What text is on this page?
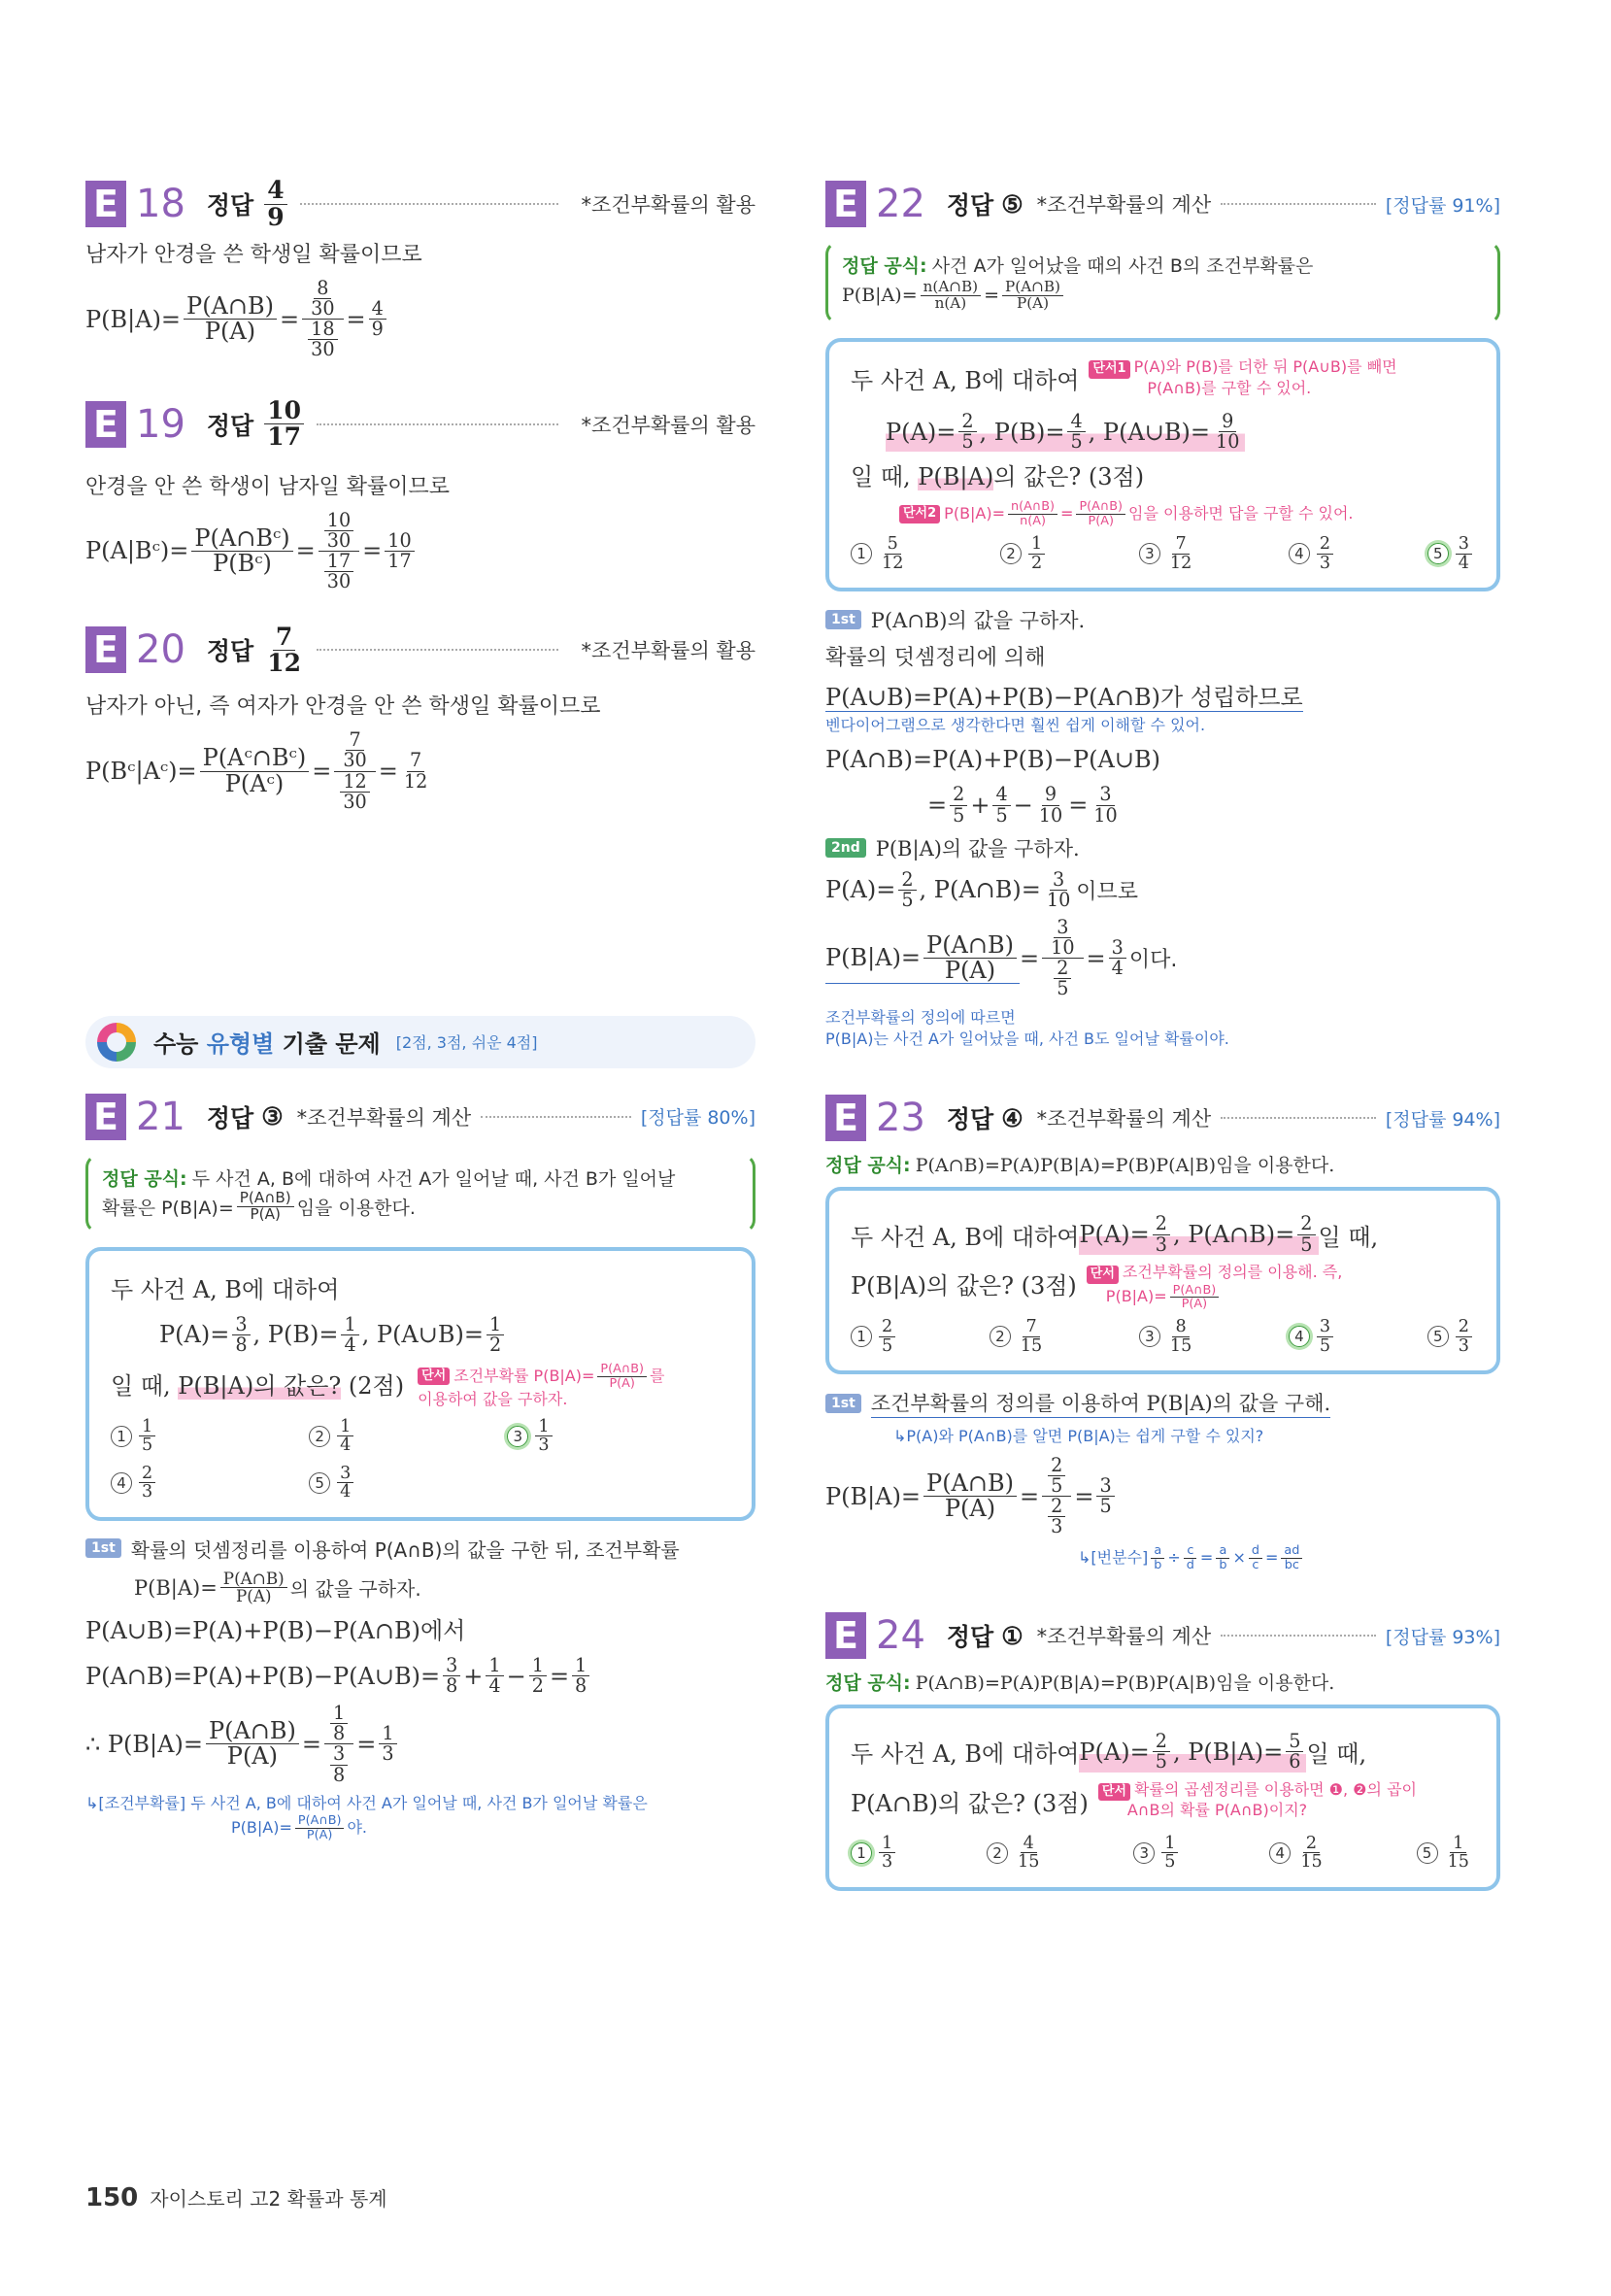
E 18 정답 $\frac{4}{9}$	*조건부확률의 활용
남자가 안경을 쓴 학생일 확률이므로
$P(B|A)= \frac{P(A\cap B)}{P(A)} = \frac{\frac{8}{30}}{\frac{18}{30}} = \frac{4}{9}$
E 19 정답 $\frac{10}{17}$	*조건부확률의 활용
안경을 안 쓴 학생이 남자일 확률이므로
P(A|Bᶜ)= $\frac{\text{P(A∩Bᶜ)}}{\text{P(Bᶜ)}} = \frac{\frac{10}{30}}{\frac{17}{30}} = \frac{10}{17}$
E 20 정답 $\frac{7}{12}$	*조건부확률의 활용
남자가 아닌, 즉 여자가 안경을 안 쓴 학생일 확률이므로
P(Bᶜ|Aᶜ)= $\frac{\text{P(Aᶜ∩Bᶜ)}}{\text{P(Aᶜ)}} = \frac{\frac{7}{30}}{\frac{12}{30}} = \frac{7}{12}$
수능 유형별 기출 문제 [2점, 3점, 쉬운 4점]
E 21 정답 ③ *조건부확률의 계산	[정답률 80%]
정답 공식: 두 사건 A, B에 대하여 사건 A가 일어날 때, 사건 B가 일어날
확률은 $P(B|A)= \frac{P(A\cap B)}{P(A)}$ 임을 이용한다.
두 사건 A, B에 대하여
$P(A)= \frac{3}{8}$ , $P(B)= \frac{1}{4}$ , P(A∪B)= $\frac{1}{2}$
일 때, P(B|A)의 값은? (2점)	단서 조건부확률 $P(B|A)= \frac{P(A\cap B)}{P(A)}$ 를
이용하여 값을 구하자.
$1 \frac{1}{5}$	$2 \frac{1}{4}$	$3 \frac{1}{3}$
$4 \frac{2}{3}$	$5 \frac{3}{4}$
1st 확률의 덧셈정리를 이용하여 P(A∩B)의 값을 구한 뒤, 조건부확률
$P(B|A)= \frac{P(A\cap B)}{P(A)}$ 의 값을 구하자.
P(A∪B)=P(A)+P(B)−P(A∩B)에서
P(A∩B)=P(A)+P(B)−P(A∪B)= $\frac{3}{8} + \frac{1}{4} - \frac{1}{2} = \frac{1}{8}$
∴ $P(B|A)= \frac{P(A\cap B)}{P(A)} = \frac{\frac{1}{8}}{\frac{3}{8}} = \frac{1}{3}$
↳[조건부확률] 두 사건 A, B에 대하여 사건 A가 일어날 때, 사건 B가 일어날 확률은
$P(B|A)= \frac{P(A\cap B)}{P(A)}$ 야.
E 22 정답 ⑤ *조건부확률의 계산	[정답률 91%]
정답 공식: 사건 A가 일어났을 때의 사건 B의 조건부확률은
$P(B|A)= \frac{n(A\cap B)}{n(A)} = \frac{P(A\cap B)}{P(A)}$
두 사건 A, B에 대하여	단서1 P(A)와 P(B)를 더한 뒤 P(A∪B)를 빼면
P(A∩B)를 구할 수 있어.
$P(A)= \frac{2}{5}$ , $P(B)= \frac{4}{5}$ , P(A∪B)= $\frac{9}{10}$
일 때, P(B|A)의 값은? (3점)
단서2 $P(B|A)= \frac{n(A\cap B)}{n(A)} = \frac{P(A\cap B)}{P(A)}$ 임을 이용하면 답을 구할 수 있어.
$1 \frac{5}{12}$	$2 \frac{1}{2}$	$3 \frac{7}{12}$	$4 \frac{2}{3}$	$5 \frac{3}{4}$
1st P(A∩B)의 값을 구하자.
확률의 덧셈정리에 의해
P(A∪B)=P(A)+P(B)−P(A∩B)가 성립하므로
벤다이어그램으로 생각한다면 훨씬 쉽게 이해할 수 있어.
P(A∩B)=P(A)+P(B)−P(A∪B)
= $\frac{2}{5} + \frac{4}{5} - \frac{9}{10} = \frac{3}{10}$
2nd P(B|A)의 값을 구하자.
$P(A)= \frac{2}{5}$ , P(A∩B)= $\frac{3}{10}$ 이므로
$P(B|A)= \frac{P(A\cap B)}{P(A)} = \frac{\frac{3}{10}}{\frac{2}{5}} = \frac{3}{4}$ 이다.
조건부확률의 정의에 따르면
P(B|A)는 사건 A가 일어났을 때, 사건 B도 일어날 확률이야.
E 23 정답 ④ *조건부확률의 계산	[정답률 94%]
정답 공식: P(A∩B)=P(A)P(B|A)=P(B)P(A|B)임을 이용한다.
두 사건 A, B에 대하여 $P(A)= \frac{2}{3}$ , P(A∩B)= $\frac{2}{5}$ 일 때,
P(B|A)의 값은? (3점)	단서 조건부확률의 정의를 이용해. 즉,
$P(B|A)= \frac{P(A\cap B)}{P(A)}$
$1 \frac{2}{5}$	$2 \frac{7}{15}$	$3 \frac{8}{15}$	$4 \frac{3}{5}$	$5 \frac{2}{3}$
1st 조건부확률의 정의를 이용하여 P(B|A)의 값을 구해.
↳P(A)와 P(A∩B)를 알면 P(B|A)는 쉽게 구할 수 있지?
$P(B|A)= \frac{P(A\cap B)}{P(A)} = \frac{\frac{2}{5}}{\frac{2}{3}} = \frac{3}{5}$
↳[번분수] $\frac{a}{b} \div \frac{c}{d} = \frac{a}{b} \times \frac{d}{c} = \frac{ad}{bc}$
E 24 정답 ① *조건부확률의 계산	[정답률 93%]
정답 공식: P(A∩B)=P(A)P(B|A)=P(B)P(A|B)임을 이용한다.
두 사건 A, B에 대하여 $P(A)= \frac{2}{5}$ , $P(B|A)= \frac{5}{6}$ 일 때,
P(A∩B)의 값은? (3점)	단서 확률의 곱셈정리를 이용하면 ❶, ❷의 곱이
A∩B의 확률 P(A∩B)이지?
$1 \frac{1}{3}$	$2 \frac{4}{15}$	$3 \frac{1}{5}$	$4 \frac{2}{15}$	$5 \frac{1}{15}$
150 자이스토리 고2 확률과 통계
